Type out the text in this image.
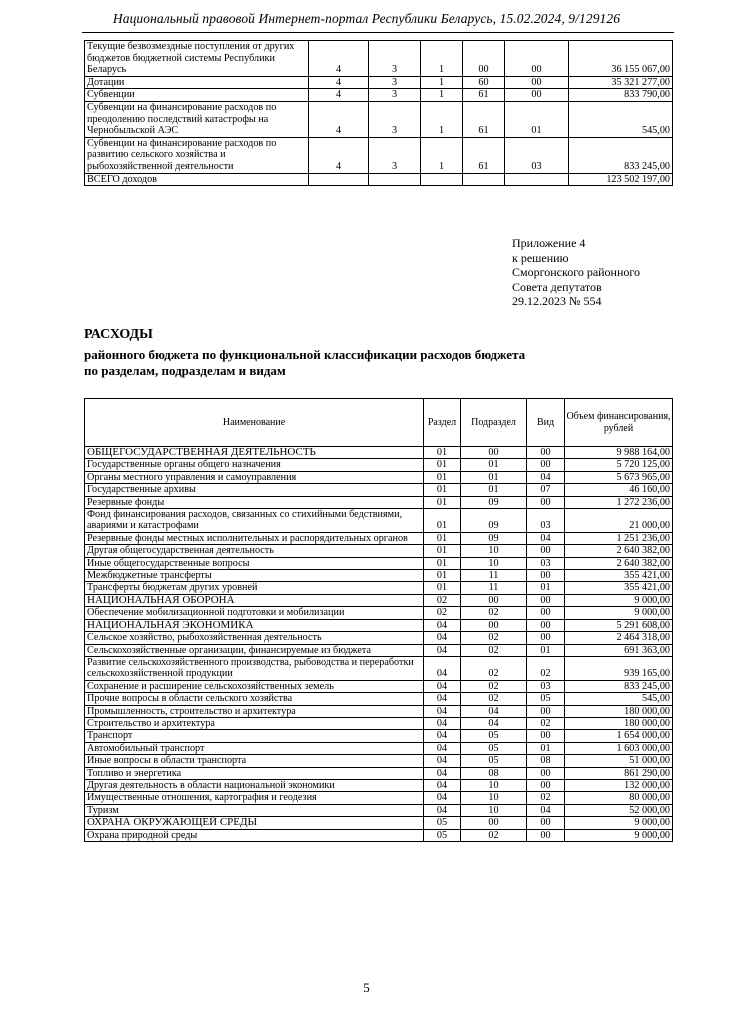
Национальный правовой Интернет-портал Республики Беларусь, 15.02.2024, 9/129126
Текущие безвозмездные поступления от других бюджетов бюджетной системы Республики Беларусь	4	3	1	00	00	36 155 067,00
Дотации	4	3	1	60	00	35 321 277,00
Субвенции	4	3	1	61	00	833 790,00
Субвенции на финансирование расходов по преодолению последствий катастрофы на Чернобыльской АЭС	4	3	1	61	01	545,00
Субвенции на финансирование расходов по развитию сельского хозяйства и рыбохозяйственной деятельности	4	3	1	61	03	833 245,00
ВСЕГО доходов						123 502 197,00
Приложение 4
к решению
Сморгонского районного
Совета депутатов
29.12.2023 № 554
РАСХОДЫ
районного бюджета по функциональной классификации расходов бюджета
по разделам, подразделам и видам
Наименование	Раздел	Подраздел	Вид	Объем финансирования, рублей
ОБЩЕГОСУДАРСТВЕННАЯ ДЕЯТЕЛЬНОСТЬ	01	00	00	9 988 164,00
Государственные органы общего назначения	01	01	00	5 720 125,00
Органы местного управления и самоуправления	01	01	04	5 673 965,00
Государственные архивы	01	01	07	46 160,00
Резервные фонды	01	09	00	1 272 236,00
Фонд финансирования расходов, связанных со стихийными бедствиями, авариями и катастрофами	01	09	03	21 000,00
Резервные фонды местных исполнительных и распорядительных органов	01	09	04	1 251 236,00
Другая общегосударственная деятельность	01	10	00	2 640 382,00
Иные общегосударственные вопросы	01	10	03	2 640 382,00
Межбюджетные трансферты	01	11	00	355 421,00
Трансферты бюджетам других уровней	01	11	01	355 421,00
НАЦИОНАЛЬНАЯ ОБОРОНА	02	00	00	9 000,00
Обеспечение мобилизационной подготовки и мобилизации	02	02	00	9 000,00
НАЦИОНАЛЬНАЯ ЭКОНОМИКА	04	00	00	5 291 608,00
Сельское хозяйство, рыбохозяйственная деятельность	04	02	00	2 464 318,00
Сельскохозяйственные организации, финансируемые из бюджета	04	02	01	691 363,00
Развитие сельскохозяйственного производства, рыбоводства и переработки сельскохозяйственной продукции	04	02	02	939 165,00
Сохранение и расширение сельскохозяйственных земель	04	02	03	833 245,00
Прочие вопросы в области сельского хозяйства	04	02	05	545,00
Промышленность, строительство и архитектура	04	04	00	180 000,00
Строительство и архитектура	04	04	02	180 000,00
Транспорт	04	05	00	1 654 000,00
Автомобильный транспорт	04	05	01	1 603 000,00
Иные вопросы в области транспорта	04	05	08	51 000,00
Топливо и энергетика	04	08	00	861 290,00
Другая деятельность в области национальной экономики	04	10	00	132 000,00
Имущественные отношения, картография и геодезия	04	10	02	80 000,00
Туризм	04	10	04	52 000,00
ОХРАНА ОКРУЖАЮЩЕЙ СРЕДЫ	05	00	00	9 000,00
Охрана природной среды	05	02	00	9 000,00
5
